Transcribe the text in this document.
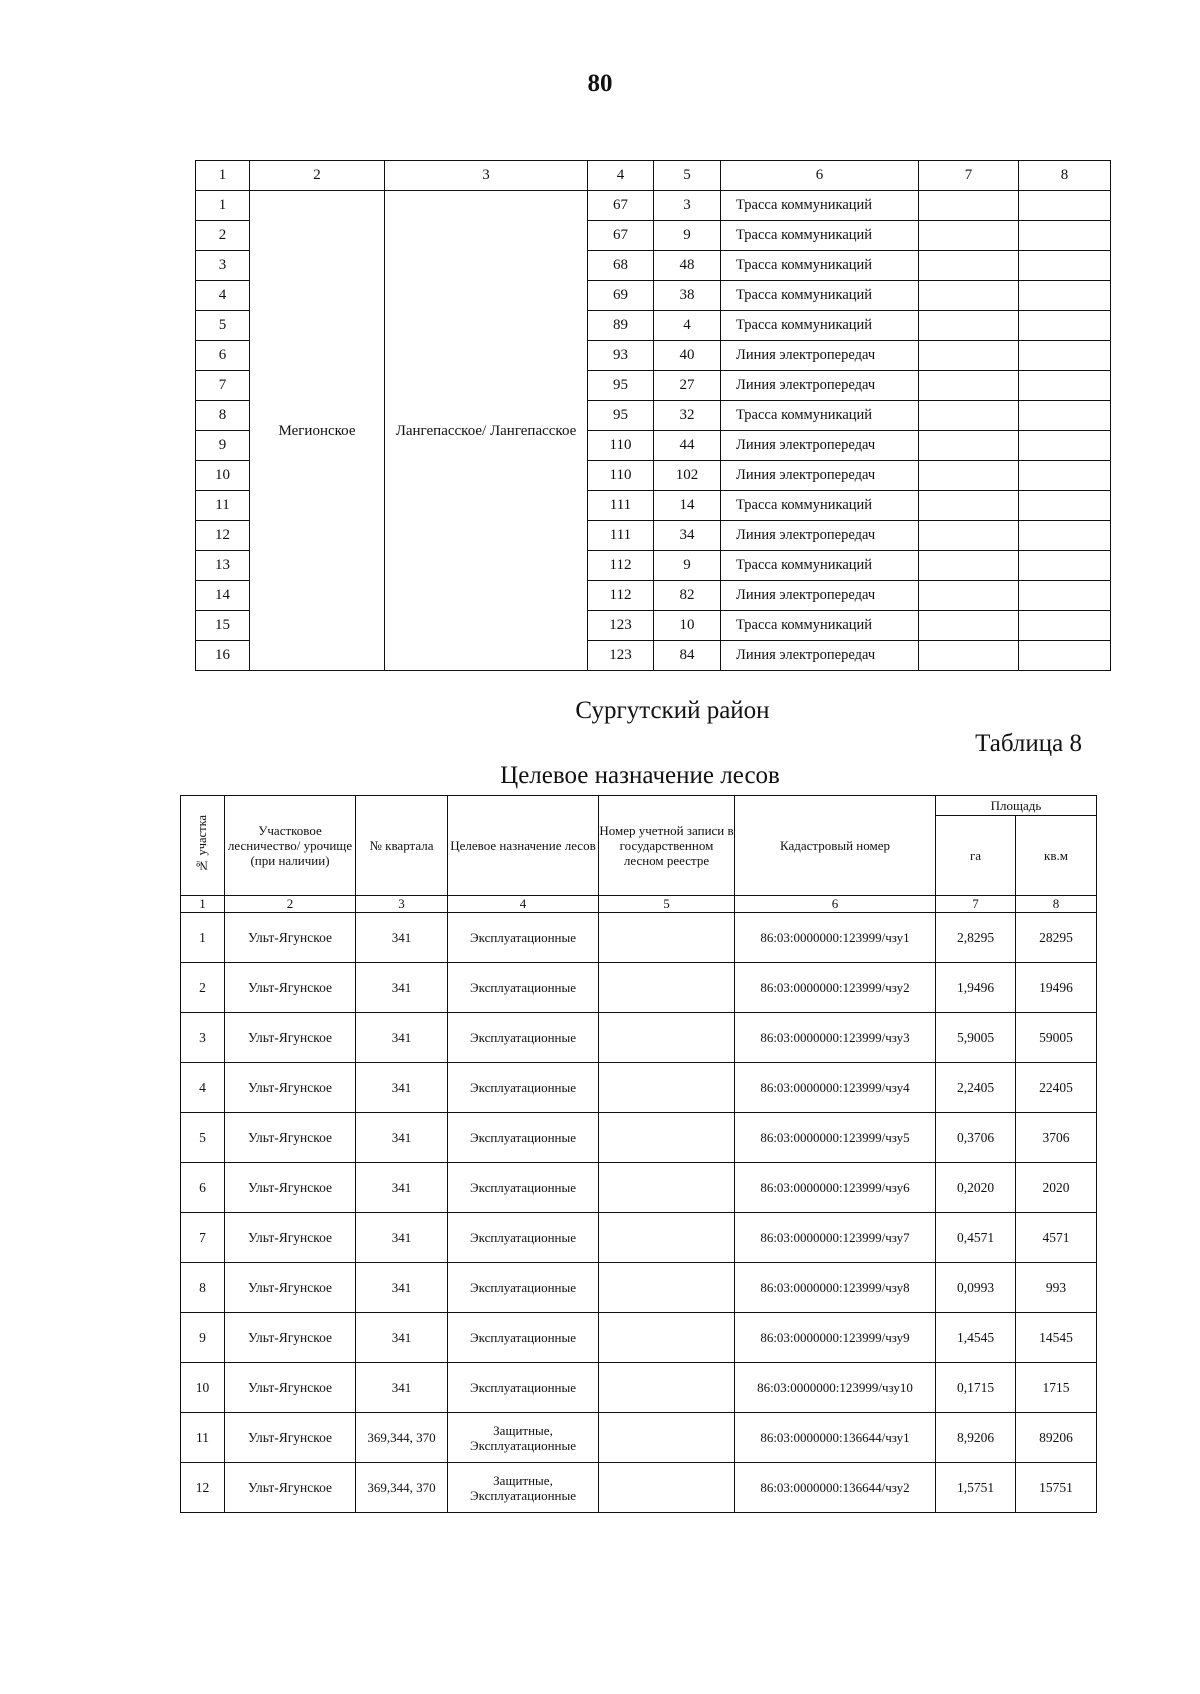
80
1	2	3	4	5	6	7	8
1	Мегионское	Лангепасское/ Лангепасское	67	3	Трасса коммуникаций		
2			67	9	Трасса коммуникаций		
3			68	48	Трасса коммуникаций		
4			69	38	Трасса коммуникаций		
5			89	4	Трасса коммуникаций		
6			93	40	Линия электропередач		
7			95	27	Линия электропередач		
8			95	32	Трасса коммуникаций		
9			110	44	Линия электропередач		
10			110	102	Линия электропередач		
11			111	14	Трасса коммуникаций		
12			111	34	Линия электропередач		
13			112	9	Трасса коммуникаций		
14			112	82	Линия электропередач		
15			123	10	Трасса коммуникаций		
16			123	84	Линия электропередач		
Сургутский район
Таблица 8
Целевое назначение лесов
№ участка	Участковое лесничество/ урочище (при наличии)	№ квартала	Целевое назначение лесов	Номер учетной записи в государственном лесном реестре	Кадастровый номер	Площадь	
						га	кв.м
1	2	3	4	5	6	7	8
1	Ульт-Ягунское	341	Эксплуатационные		86:03:0000000:123999/чзу1	2,8295	28295
2	Ульт-Ягунское	341	Эксплуатационные		86:03:0000000:123999/чзу2	1,9496	19496
3	Ульт-Ягунское	341	Эксплуатационные		86:03:0000000:123999/чзу3	5,9005	59005
4	Ульт-Ягунское	341	Эксплуатационные		86:03:0000000:123999/чзу4	2,2405	22405
5	Ульт-Ягунское	341	Эксплуатационные		86:03:0000000:123999/чзу5	0,3706	3706
6	Ульт-Ягунское	341	Эксплуатационные		86:03:0000000:123999/чзу6	0,2020	2020
7	Ульт-Ягунское	341	Эксплуатационные		86:03:0000000:123999/чзу7	0,4571	4571
8	Ульт-Ягунское	341	Эксплуатационные		86:03:0000000:123999/чзу8	0,0993	993
9	Ульт-Ягунское	341	Эксплуатационные		86:03:0000000:123999/чзу9	1,4545	14545
10	Ульт-Ягунское	341	Эксплуатационные		86:03:0000000:123999/чзу10	0,1715	1715
11	Ульт-Ягунское	369,344, 370	Защитные, Эксплуатационные		86:03:0000000:136644/чзу1	8,9206	89206
12	Ульт-Ягунское	369,344, 370	Защитные, Эксплуатационные		86:03:0000000:136644/чзу2	1,5751	15751
